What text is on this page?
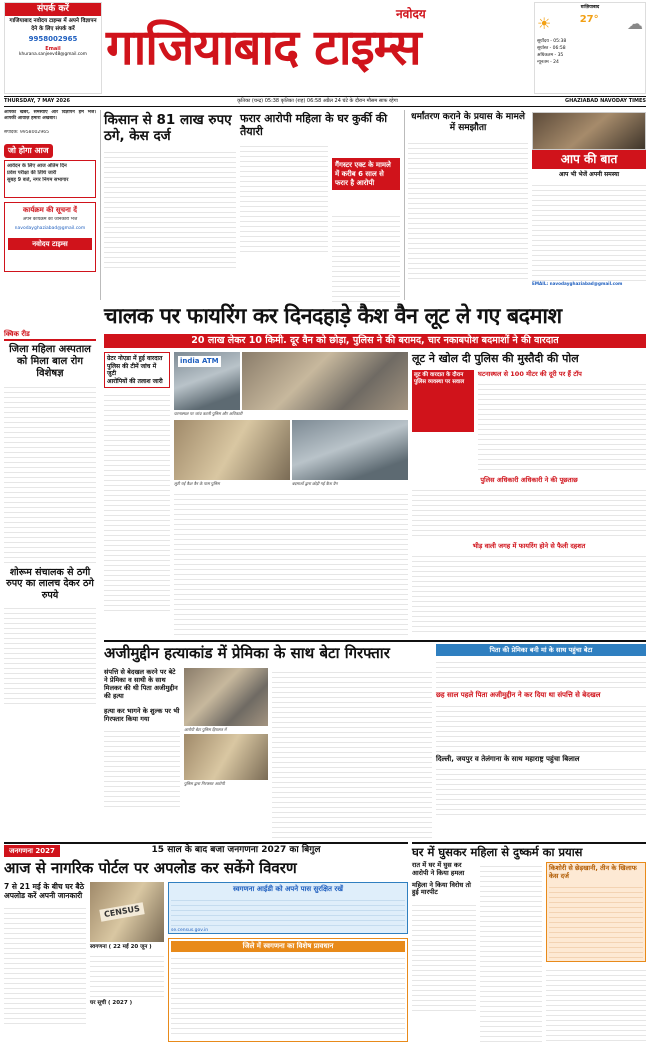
संपर्क करें
गाजियाबाद नवोदय टाइम्स में अपने विज्ञापन देने के लिए संपर्क करें
9958002965
Email
khurana.sanjeev48@gmail.com
नवोदय
गाजियाबाद टाइम्स
ग़ाज़ियाबाद
☀	27° ☁
सूर्योदय - 05:38
सूर्यास्त - 06:58
अधिकतम - 35
न्यूनतम - 24
THURSDAY, 7 MAY 2026	कृतिका (चन्द्र) 05:38 कृतिका (राह) 06:58 अप्रैल 24 घंटे के दौरान मौसम साफ रहेगा	GHAZIABAD NAVODAY TIMES
आपकी खबरें, समस्याएं और विज्ञापन हमें भेजें। आपकी आवाज़ हमारा अखबार।
संपादक: 9958002965
जो होगा आज
आवेदन के लिए आज अंतिम दिन
प्रवेश परीक्षा की तिथि जारी
सुबह 9 बजे, नगर निगम सभागार
कार्यक्रम की सूचना दें
अपने कार्यक्रम की जानकारी भेजें
navodayghaziabad@gmail.com
नवोदय टाइम्स
किसान से 81 लाख रुपए ठगे, केस दर्ज
फरार आरोपी महिला के घर कुर्की की तैयारी
गैंगस्टर एक्ट के मामले में करीब 6 साल से फरार है आरोपी
धर्मांतरण कराने के प्रयास के मामले में समझौता
आप की बात
आप भी भेजें अपनी समस्या
EMAIL: navodayghaziabad@gmail.com
चालक पर फायरिंग कर दिनदहाड़े कैश वैन लूट ले गए बदमाश
20 लाख लेकर 10 किमी. दूर वैन को छोड़ा, पुलिस ने की बरामद, चार नकाबपोश बदमाशों ने की वारदात
क्विक रीड
जिला महिला अस्पताल को मिला बाल रोग विशेषज्ञ
शोरूम संचालक से ठगी रुपए का लालच देकर ठगे रुपये
ग्रेटर नोएडा में हुई वारदात
पुलिस की टीमें जांच में जुटी
आरोपियों की तलाश जारी
india ATM
घटनास्थल पर जांच करती पुलिस और अधिकारी
लूटी गई कैश वैन के पास पुलिस	बदमाशों द्वारा छोड़ी गई कैश वैन
लूट ने खोल दी पुलिस की मुस्तैदी की पोल
लूट की वारदात के दौरान पुलिस व्यवस्था पर सवाल
घटनास्थल से 100 मीटर की दूरी पर हैं टॉप
पुलिस अधिकारी अधिकारी ने की पूछताछ
भीड़ वाली जगह में फायरिंग होने से फैली दहशत
अजीमुद्दीन हत्याकांड में प्रेमिका के साथ बेटा गिरफ्तार
संपत्ति से बेदखल करने पर बेटे ने प्रेमिका व साथी के साथ मिलकर की थी पिता अजीमुद्दीन की हत्या
हत्या कर भागने के शुल्क पर भी गिरफ्तार किया गया
आरोपी बेटा पुलिस हिरासत में
पुलिस द्वारा गिरफ्तार आरोपी
पिता की प्रेमिका बनी मां के साथ पहुंचा बेटा
छह साल पहले पिता अजीमुद्दीन ने कर दिया था संपत्ति से बेदखल
दिल्ली, जयपुर व तेलंगाना के साथ महाराष्ट्र पहुंचा बिलाल
जनगणना 2027	15 साल के बाद बजा जनगणना 2027 का बिगुल
आज से नागरिक पोर्टल पर अपलोड कर सकेंगे विवरण
7 से 21 मई के बीच घर बैठे अपलोड करें अपनी जानकारी
CENSUS
स्वगणना ( 22 मई 20 जून )
घर सूची ( 2027 )
स्वगणना आईडी को अपने पास सुरक्षित रखें
se.census.gov.in
जिले में स्वगणना का विशेष प्रावधान
घर में घुसकर महिला से दुष्कर्म का प्रयास
रात में घर में घुस कर आरोपी ने किया हमला
महिला ने किया विरोध तो हुई मारपीट
किशोरी से छेड़खानी, तीन के खिलाफ केस दर्ज
